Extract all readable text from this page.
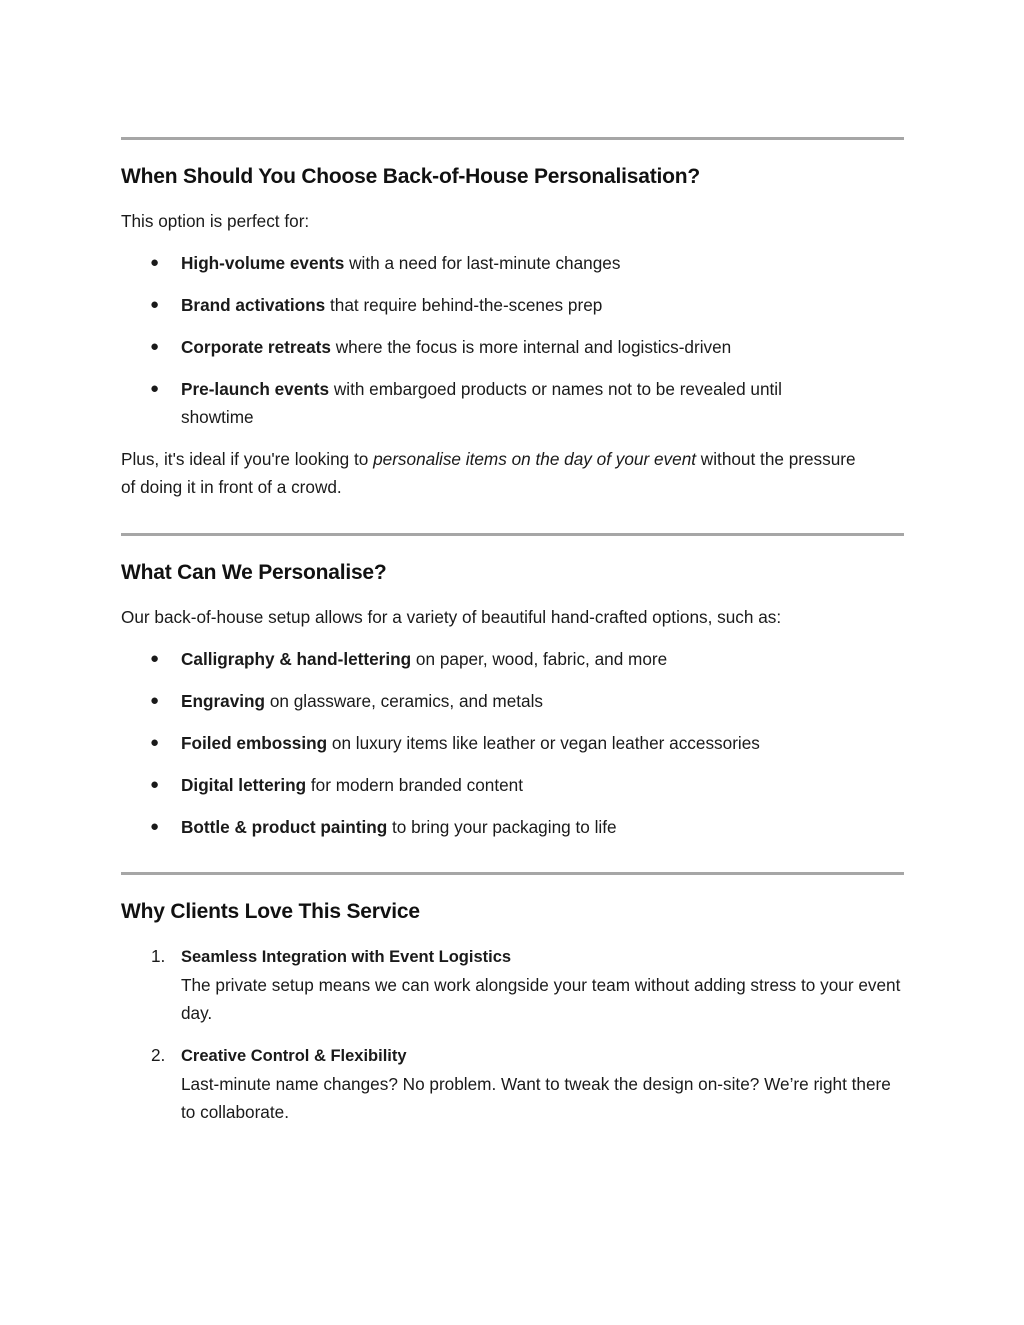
When Should You Choose Back-of-House Personalisation?

This option is perfect for:

● High-volume events with a need for last-minute changes
● Brand activations that require behind-the-scenes prep
● Corporate retreats where the focus is more internal and logistics-driven
● Pre-launch events with embargoed products or names not to be revealed until showtime

Plus, it's ideal if you're looking to personalise items on the day of your event without the pressure of doing it in front of a crowd.

What Can We Personalise?

Our back-of-house setup allows for a variety of beautiful hand-crafted options, such as:

● Calligraphy & hand-lettering on paper, wood, fabric, and more
● Engraving on glassware, ceramics, and metals
● Foiled embossing on luxury items like leather or vegan leather accessories
● Digital lettering for modern branded content
● Bottle & product painting to bring your packaging to life
Why Clients Love This Service
1. Seamless Integration with Event Logistics
The private setup means we can work alongside your team without adding stress to your event day.
2. Creative Control & Flexibility
Last-minute name changes? No problem. Want to tweak the design on-site? We’re right there to collaborate.
